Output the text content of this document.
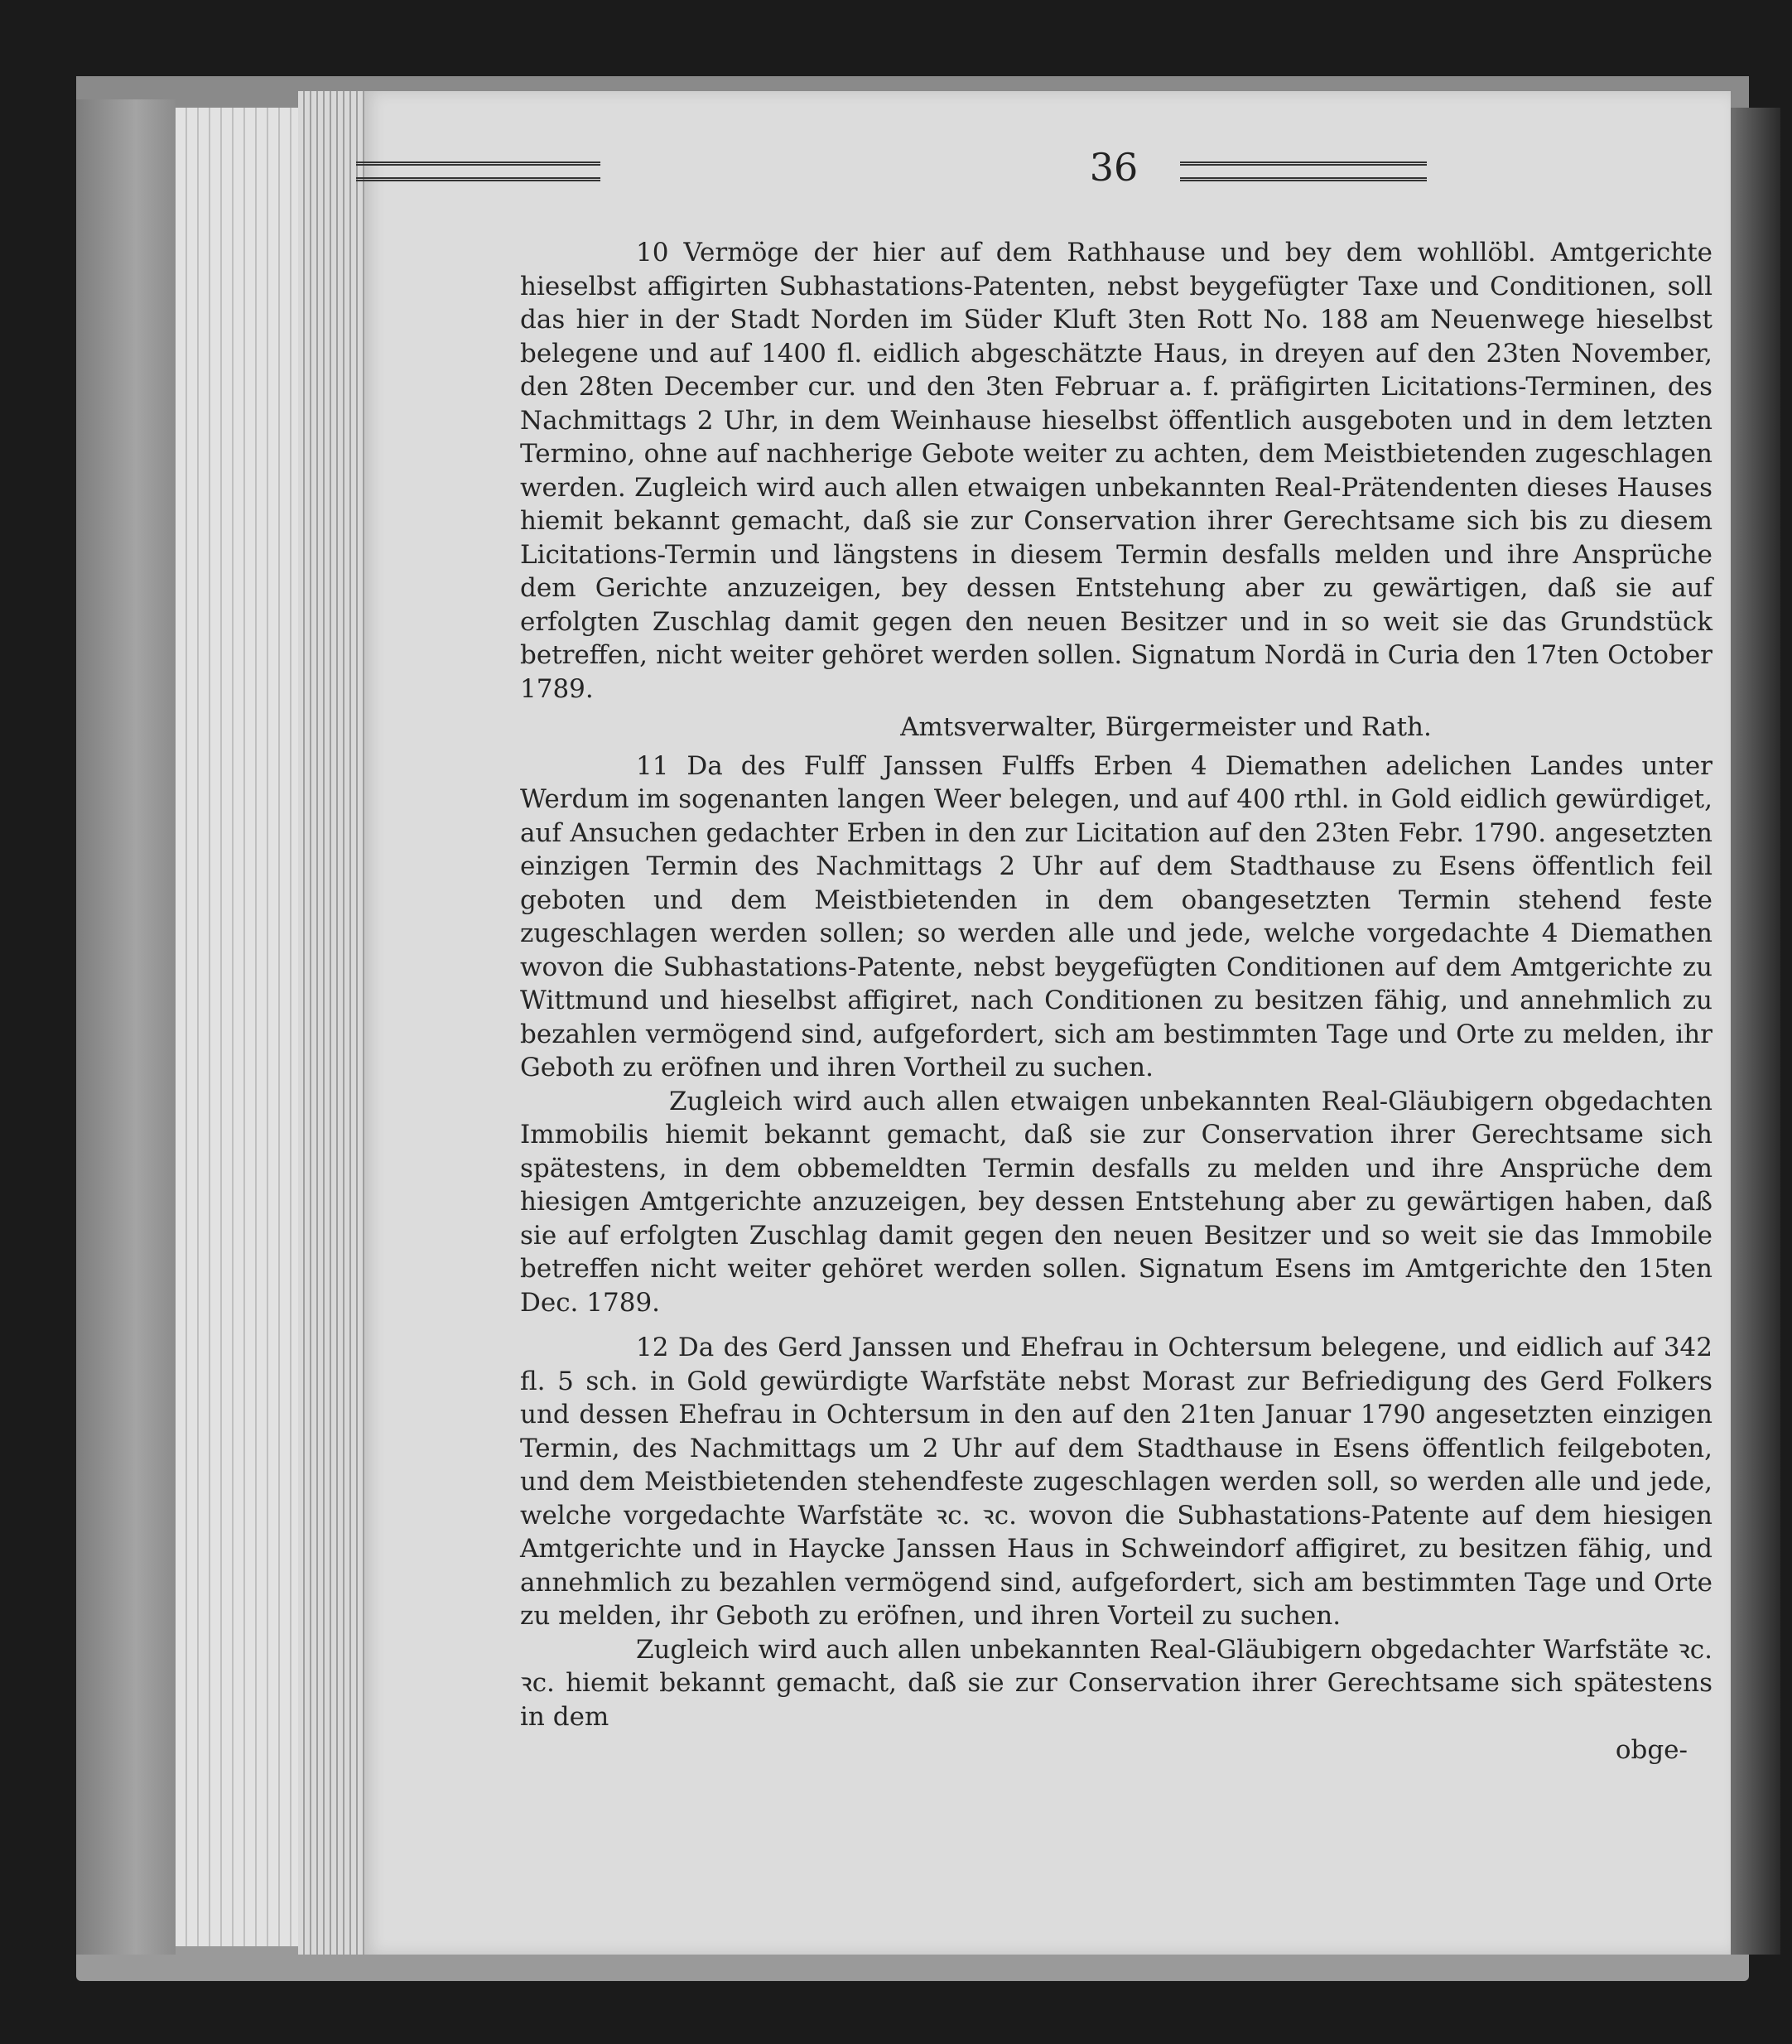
36

10 Vermöge der hier auf dem Rathhause und bey dem wohllöbl. Amtgerichte hieselbst affigirten Subhastations-Patenten, nebst beygefügter Taxe und Conditionen, soll das hier in der Stadt Norden im Süder Kluft 3ten Rott No. 188 am Neuenwege hieselbst belegene und auf 1400 fl. eidlich abgeschätzte Haus, in dreyen auf den 23ten November, den 28ten December cur. und den 3ten Februar a. f. präfigirten Licitations-Terminen, des Nachmittags 2 Uhr, in dem Weinhause hieselbst öffentlich ausgeboten und in dem letzten Termino, ohne auf nachherige Gebote weiter zu achten, dem Meistbietenden zugeschlagen werden. Zugleich wird auch allen etwaigen unbekannten Real-Prätendenten dieses Hauses hiemit bekannt gemacht, daß sie zur Conservation ihrer Gerechtsame sich bis zu diesem Licitations-Termin und längstens in diesem Termin desfalls melden und ihre Ansprüche dem Gerichte anzuzeigen, bey dessen Entstehung aber zu gewärtigen, daß sie auf erfolgten Zuschlag damit gegen den neuen Besitzer und in so weit sie das Grundstück betreffen, nicht weiter gehöret werden sollen. Signatum Nordä in Curia den 17ten October 1789.

Amtsverwalter, Bürgermeister und Rath.

11 Da des Fulff Janssen Fulffs Erben 4 Diemathen adelichen Landes unter Werdum im sogenanten langen Weer belegen, und auf 400 rthl. in Gold eidlich gewürdiget, auf Ansuchen gedachter Erben in den zur Licitation auf den 23ten Febr. 1790. angesetzten einzigen Termin des Nachmittags 2 Uhr auf dem Stadthause zu Esens öffentlich feil geboten und dem Meistbietenden in dem obangesetzten Termin stehend feste zugeschlagen werden sollen; so werden alle und jede, welche vorgedachte 4 Diemathen wovon die Subhastations-Patente, nebst beygefügten Conditionen auf dem Amtgerichte zu Wittmund und hieselbst affigiret, nach Conditionen zu besitzen fähig, und annehmlich zu bezahlen vermögend sind, aufgefordert, sich am bestimmten Tage und Orte zu melden, ihr Geboth zu eröfnen und ihren Vortheil zu suchen.

Zugleich wird auch allen etwaigen unbekannten Real-Gläubigern obgedachten Immobilis hiemit bekannt gemacht, daß sie zur Conservation ihrer Gerechtsame sich spätestens, in dem obbemeldten Termin desfalls zu melden und ihre Ansprüche dem hiesigen Amtgerichte anzuzeigen, bey dessen Entstehung aber zu gewärtigen haben, daß sie auf erfolgten Zuschlag damit gegen den neuen Besitzer und so weit sie das Immobile betreffen nicht weiter gehöret werden sollen. Signatum Esens im Amtgerichte den 15ten Dec. 1789.

12 Da des Gerd Janssen und Ehefrau in Ochtersum belegene, und eidlich auf 342 fl. 5 sch. in Gold gewürdigte Warfstäte nebst Morast zur Befriedigung des Gerd Folkers und dessen Ehefrau in Ochtersum in den auf den 21ten Januar 1790 angesetzten einzigen Termin, des Nachmittags um 2 Uhr auf dem Stadthause in Esens öffentlich feilgeboten, und dem Meistbietenden stehendfeste zugeschlagen werden soll, so werden alle und jede, welche vorgedachte Warfstäte ꝛc. ꝛc. wovon die Subhastations-Patente auf dem hiesigen Amtgerichte und in Haycke Janssen Haus in Schweindorf affigiret, zu besitzen fähig, und annehmlich zu bezahlen vermögend sind, aufgefordert, sich am bestimmten Tage und Orte zu melden, ihr Geboth zu eröfnen, und ihren Vorteil zu suchen.

Zugleich wird auch allen unbekannten Real-Gläubigern obgedachter Warfstäte ꝛc. ꝛc. hiemit bekannt gemacht, daß sie zur Conservation ihrer Gerechtsame sich spätestens in dem

obge-
